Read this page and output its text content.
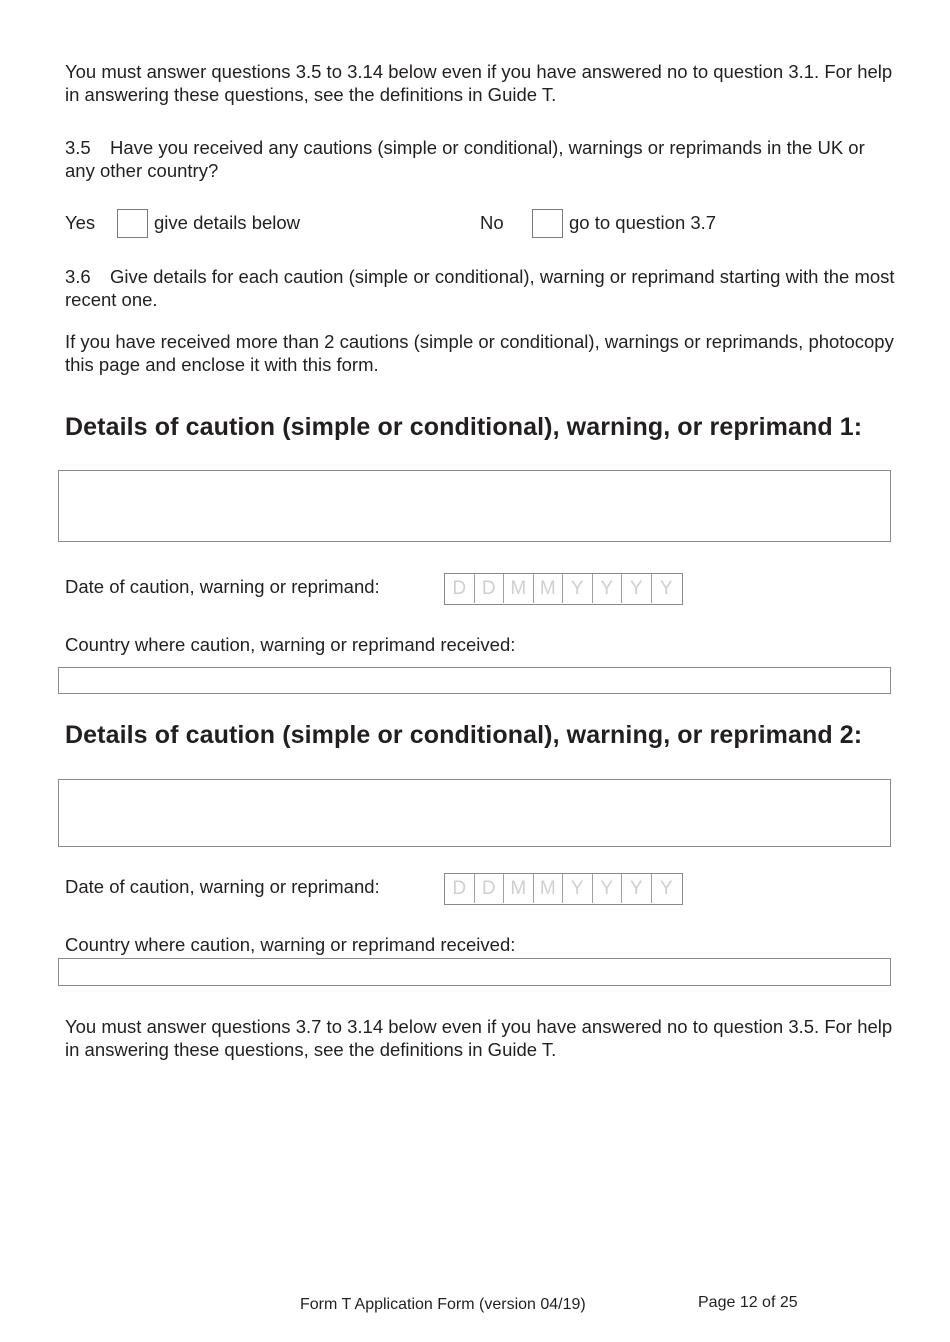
You must answer questions 3.5 to 3.14 below even if you have answered no to question 3.1. For help in answering these questions, see the definitions in Guide T.
3.5 Have you received any cautions (simple or conditional), warnings or reprimands in the UK or any other country?
Yes	give details below	No	go to question 3.7
3.6 Give details for each caution (simple or conditional), warning or reprimand starting with the most recent one.
If you have received more than 2 cautions (simple or conditional), warnings or reprimands, photocopy this page and enclose it with this form.
Details of caution (simple or conditional), warning, or reprimand 1:
Date of caution, warning or reprimand:	D D M M Y Y Y Y
Country where caution, warning or reprimand received:
Details of caution (simple or conditional), warning, or reprimand 2:
Date of caution, warning or reprimand:	D D M M Y Y Y Y
Country where caution, warning or reprimand received:
You must answer questions 3.7 to 3.14 below even if you have answered no to question 3.5. For help in answering these questions, see the definitions in Guide T.
Form T Application Form (version 04/19)	Page 12 of 25
